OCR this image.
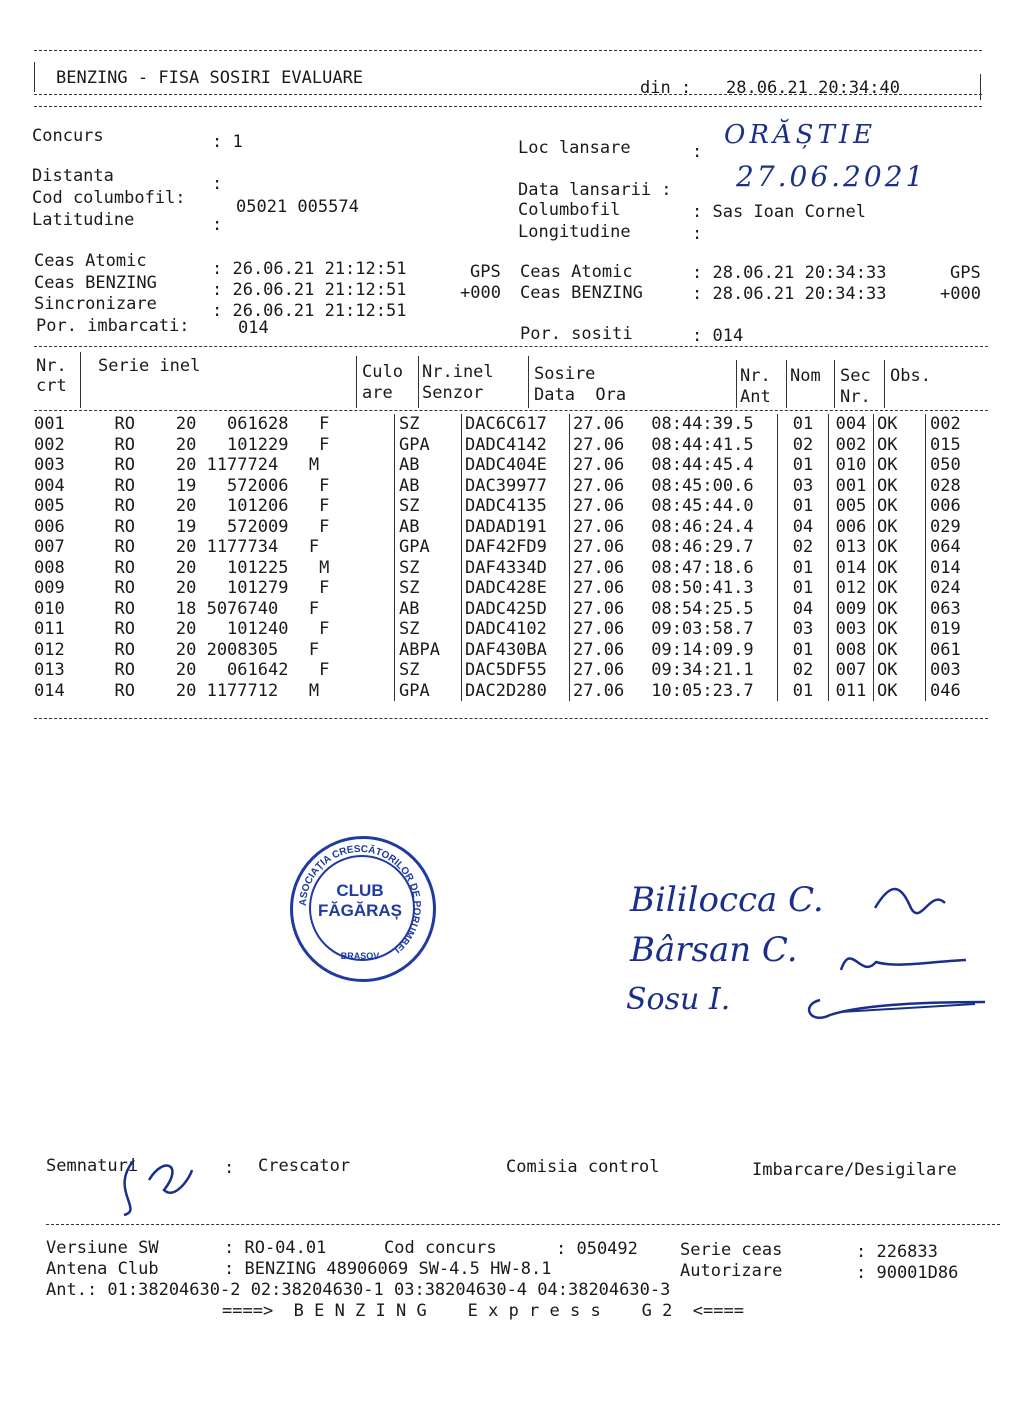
BENZING - FISA SOSIRI EVALUARE	din : 28.06.21 20:34:40
Concurs	: 1
Distanta	:
Cod columbofil:	05021 005574
Latitudine	:
Loc lansare	:
ORĂȘTIE
Data lansarii : 27.06.2021
Columbofil	: Sas Ioan Cornel
Longitudine	:
Ceas Atomic	: 26.06.21 21:12:51	GPS
Ceas BENZING	: 26.06.21 21:12:51	+000
Sincronizare	: 26.06.21 21:12:51
Por. imbarcati:	014
Ceas Atomic	: 28.06.21 20:34:33	GPS
Ceas BENZING	: 28.06.21 20:34:33	+000
Por. sositi	: 014
Nr.
crt
Serie inel	Culo
are
Nr.inel
Senzor
Sosire
Data  Ora
Nr.
Ant
Nom Sec
Nr.
Obs.
001	RO    20   061628   F	SZ	DAC6C617	27.06	08:44:39.5	01	004	OK	002
002	RO    20   101229   F	GPA	DADC4142	27.06	08:44:41.5	02	002	OK	015
003	RO    20 1177724   M	AB	DADC404E	27.06	08:44:45.4	01	010	OK	050
004	RO    19   572006   F	AB	DAC39977	27.06	08:45:00.6	03	001	OK	028
005	RO    20   101206   F	SZ	DADC4135	27.06	08:45:44.0	01	005	OK	006
006	RO    19   572009   F	AB	DADAD191	27.06	08:46:24.4	04	006	OK	029
007	RO    20 1177734   F	GPA	DAF42FD9	27.06	08:46:29.7	02	013	OK	064
008	RO    20   101225   M	SZ	DAF4334D	27.06	08:47:18.6	01	014	OK	014
009	RO    20   101279   F	SZ	DADC428E	27.06	08:50:41.3	01	012	OK	024
010	RO    18 5076740   F	AB	DADC425D	27.06	08:54:25.5	04	009	OK	063
011	RO    20   101240   F	SZ	DADC4102	27.06	09:03:58.7	03	003	OK	019
012	RO    20 2008305   F	ABPA	DAF430BA	27.06	09:14:09.9	01	008	OK	061
013	RO    20   061642   F	SZ	DAC5DF55	27.06	09:34:21.1	02	007	OK	003
014	RO    20 1177712   M	GPA	DAC2D280	27.06	10:05:23.7	01	011	OK	046
ASOCIAȚIA CRESCĂTORILOR DE PORUMBEI
CLUB
FĂGĂRAȘ
BRAȘOV
Bililocca C.
Bârsan C.
Sosu I.
Semnaturi	: Crescator	Comisia control	Imbarcare/Desigilare
Versiune SW	: RO-04.01	Cod concurs	: 050492 Serie ceas	: 226833
Antena Club	: BENZING 48906069 SW-4.5 HW-8.1	Autorizare	: 90001D86
Ant.: 01:38204630-2 02:38204630-1 03:38204630-4 04:38204630-3
====>  B E N Z I N G    E x p r e s s    G 2  <====
